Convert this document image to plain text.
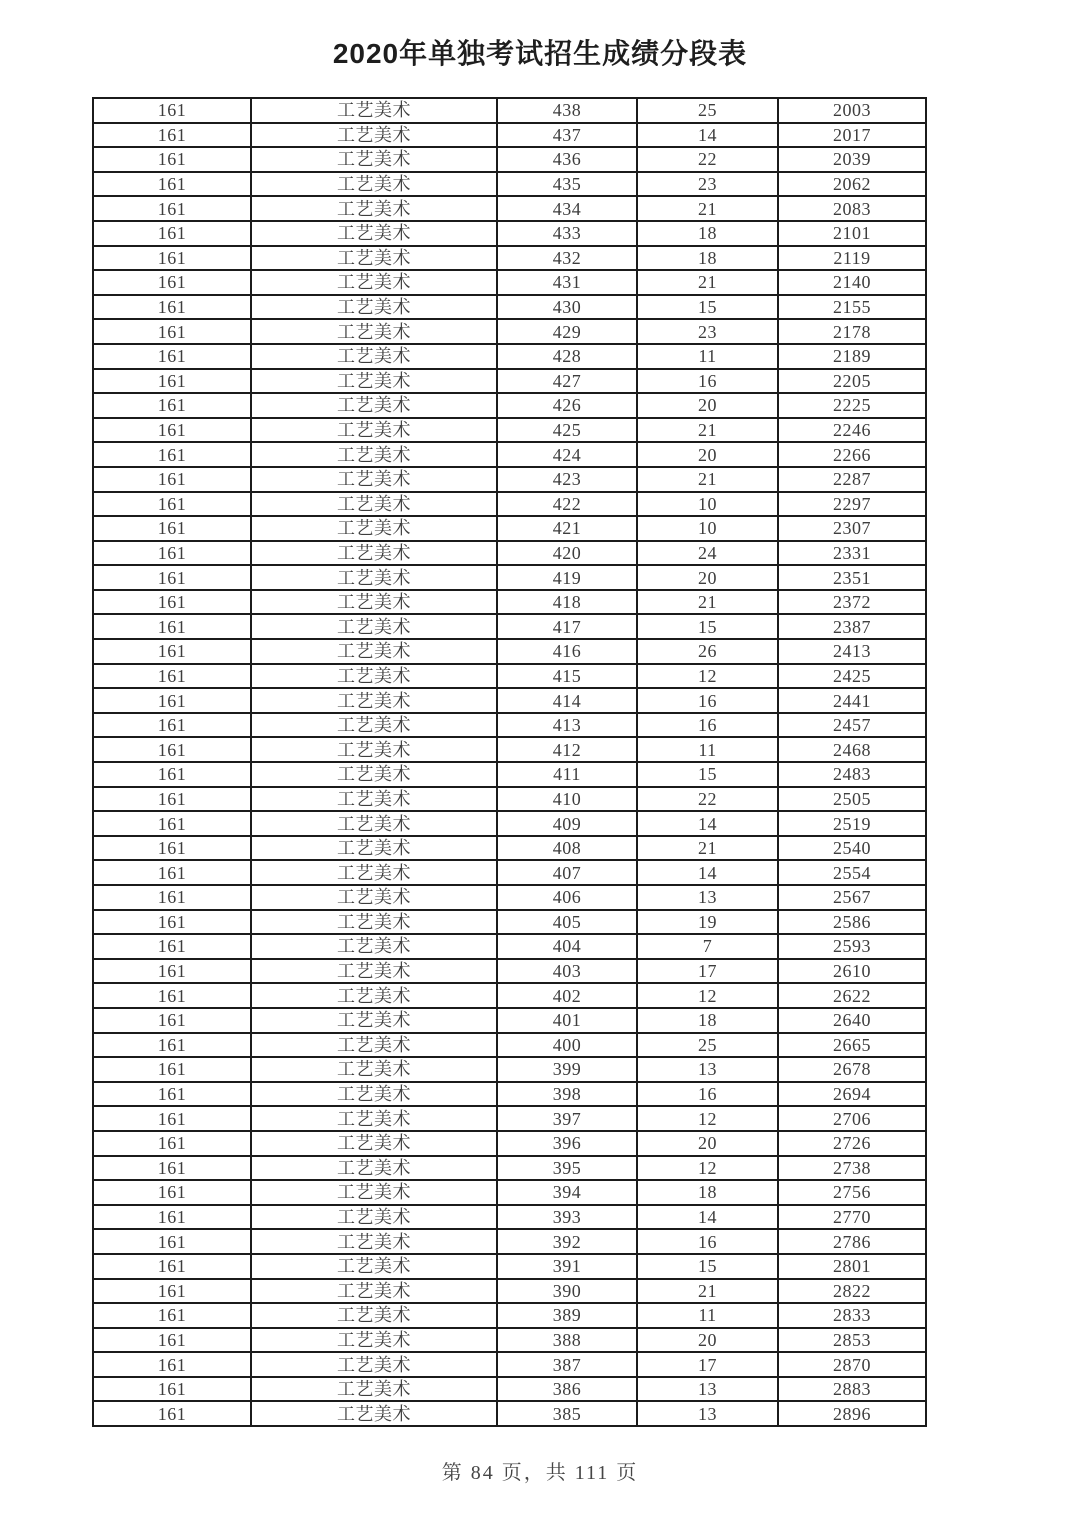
2020年单独考试招生成绩分段表
161	工艺美术	438	25	2003
161	工艺美术	437	14	2017
161	工艺美术	436	22	2039
161	工艺美术	435	23	2062
161	工艺美术	434	21	2083
161	工艺美术	433	18	2101
161	工艺美术	432	18	2119
161	工艺美术	431	21	2140
161	工艺美术	430	15	2155
161	工艺美术	429	23	2178
161	工艺美术	428	11	2189
161	工艺美术	427	16	2205
161	工艺美术	426	20	2225
161	工艺美术	425	21	2246
161	工艺美术	424	20	2266
161	工艺美术	423	21	2287
161	工艺美术	422	10	2297
161	工艺美术	421	10	2307
161	工艺美术	420	24	2331
161	工艺美术	419	20	2351
161	工艺美术	418	21	2372
161	工艺美术	417	15	2387
161	工艺美术	416	26	2413
161	工艺美术	415	12	2425
161	工艺美术	414	16	2441
161	工艺美术	413	16	2457
161	工艺美术	412	11	2468
161	工艺美术	411	15	2483
161	工艺美术	410	22	2505
161	工艺美术	409	14	2519
161	工艺美术	408	21	2540
161	工艺美术	407	14	2554
161	工艺美术	406	13	2567
161	工艺美术	405	19	2586
161	工艺美术	404	7	2593
161	工艺美术	403	17	2610
161	工艺美术	402	12	2622
161	工艺美术	401	18	2640
161	工艺美术	400	25	2665
161	工艺美术	399	13	2678
161	工艺美术	398	16	2694
161	工艺美术	397	12	2706
161	工艺美术	396	20	2726
161	工艺美术	395	12	2738
161	工艺美术	394	18	2756
161	工艺美术	393	14	2770
161	工艺美术	392	16	2786
161	工艺美术	391	15	2801
161	工艺美术	390	21	2822
161	工艺美术	389	11	2833
161	工艺美术	388	20	2853
161	工艺美术	387	17	2870
161	工艺美术	386	13	2883
161	工艺美术	385	13	2896
第 84 页，共 111 页
